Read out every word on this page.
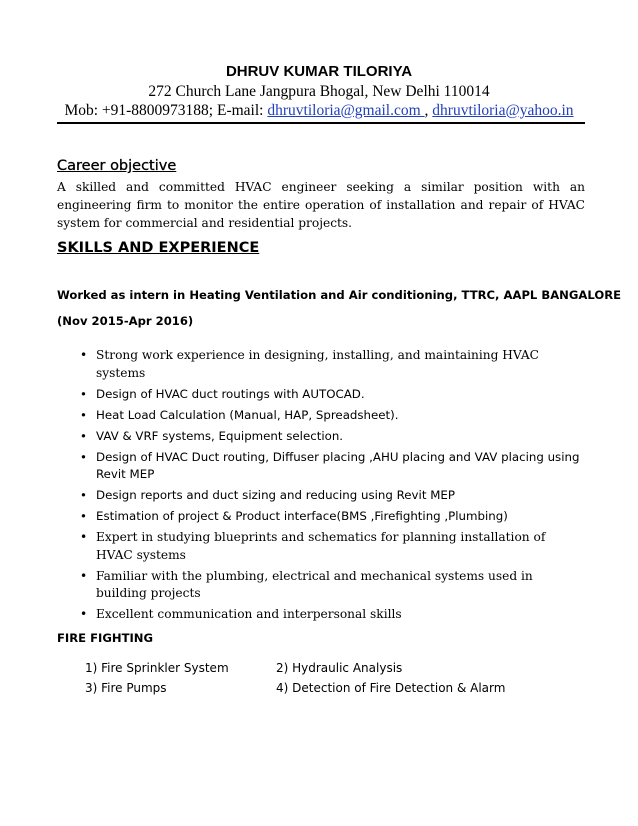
DHRUV KUMAR TILORIYA
272 Church Lane Jangpura Bhogal, New Delhi 110014
Mob: +91-8800973188; E-mail: dhruvtiloria@gmail.com , dhruvtiloria@yahoo.in
Career objective

A skilled and committed HVAC engineer seeking a similar position with an engineering firm to monitor the entire operation of installation and repair of HVAC system for commercial and residential projects.

SKILLS AND EXPERIENCE

Worked as intern in Heating Ventilation and Air conditioning, TTRC, AAPL BANGALORE

(Nov 2015-Apr 2016)

• Strong work experience in designing, installing, and maintaining HVAC systems
• Design of HVAC duct routings with AUTOCAD.
• Heat Load Calculation (Manual, HAP, Spreadsheet).
• VAV & VRF systems, Equipment selection.
• Design of HVAC Duct routing, Diffuser placing ,AHU placing and VAV placing using Revit MEP
• Design reports and duct sizing and reducing using Revit MEP
• Estimation of project & Product interface(BMS ,Firefighting ,Plumbing)
• Expert in studying blueprints and schematics for planning installation of HVAC systems
• Familiar with the plumbing, electrical and mechanical systems used in building projects
• Excellent communication and interpersonal skills
FIRE FIGHTING
1) Fire Sprinkler System	2) Hydraulic Analysis
3) Fire Pumps	4) Detection of Fire Detection & Alarm
